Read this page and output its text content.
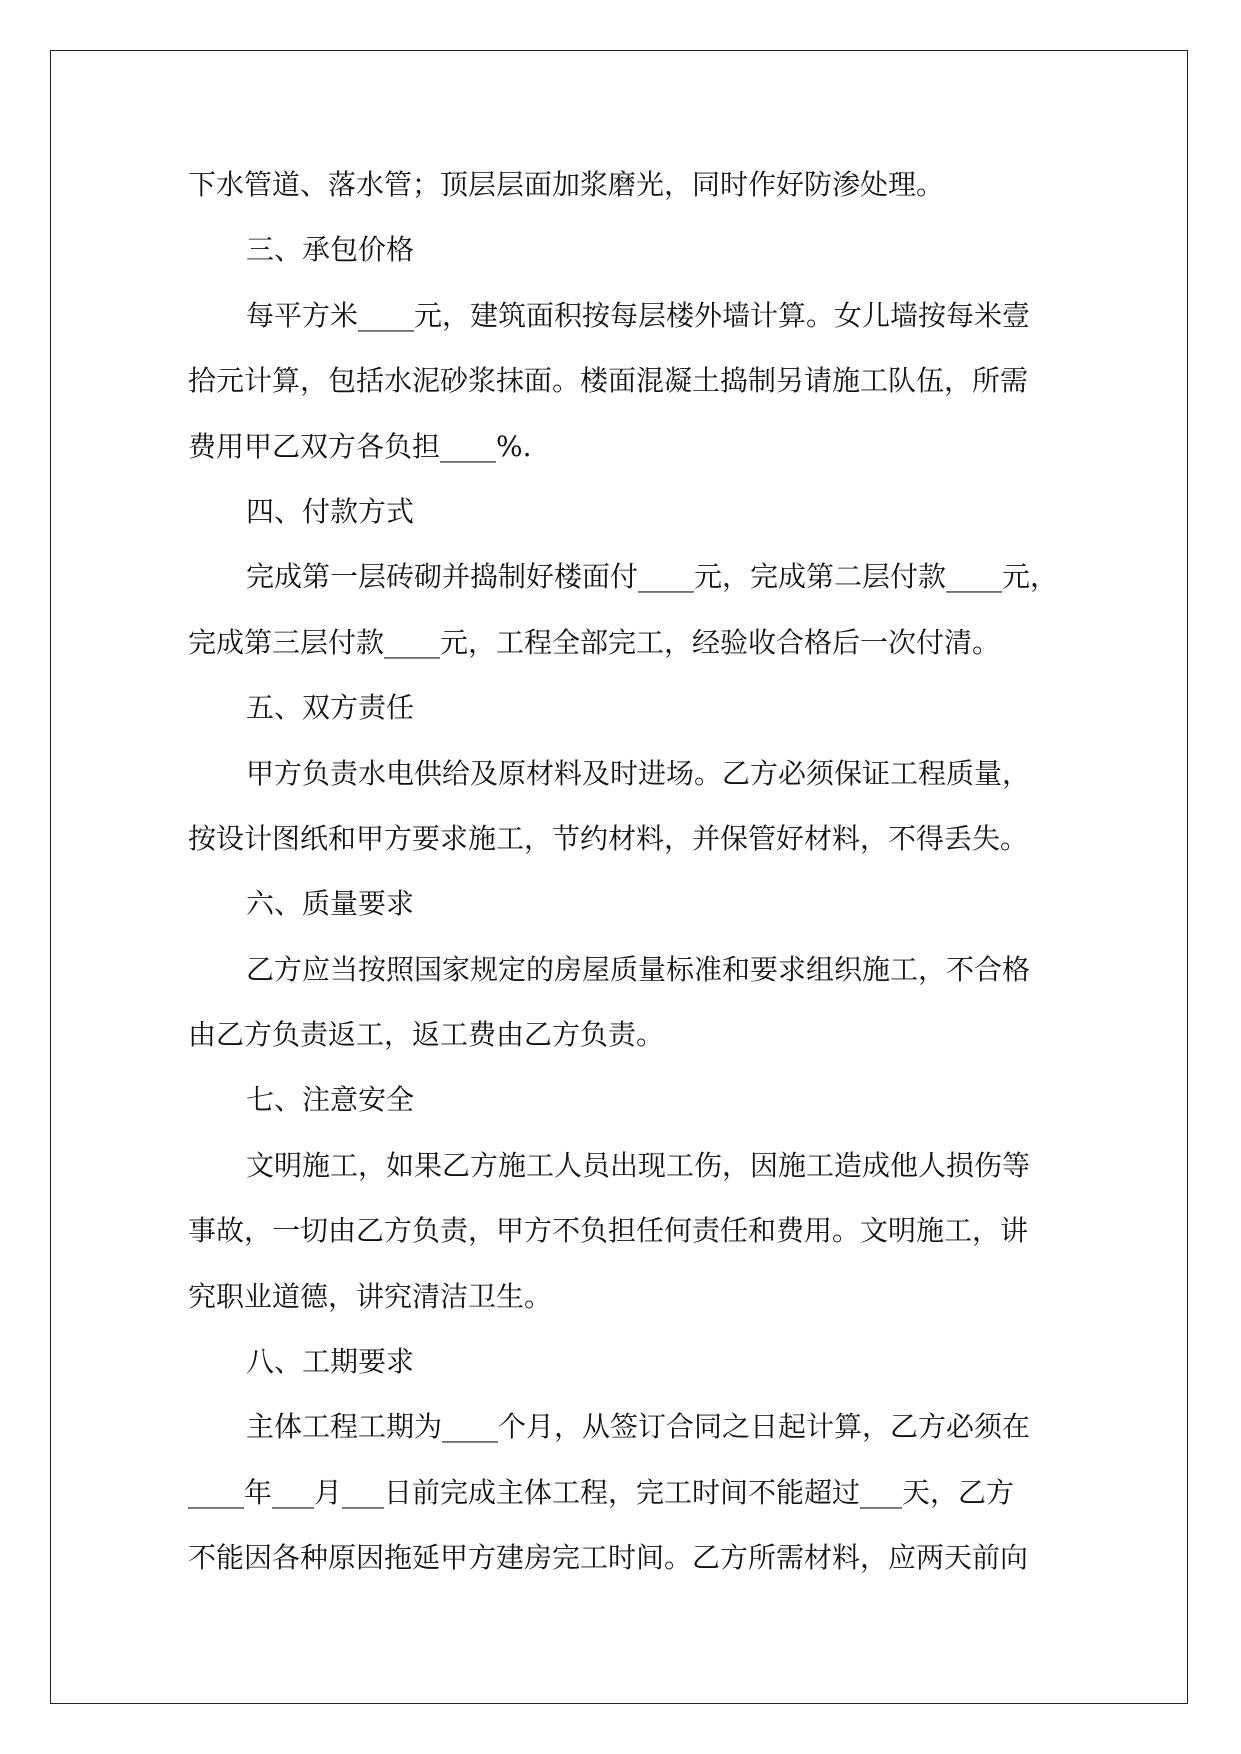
下水管道、落水管；顶层层面加浆磨光，同时作好防渗处理。
三、承包价格
每平方米____元，建筑面积按每层楼外墙计算。女儿墙按每米壹
拾元计算，包括水泥砂浆抹面。楼面混凝土捣制另请施工队伍，所需
费用甲乙双方各负担____%.
四、付款方式
完成第一层砖砌并捣制好楼面付____元，完成第二层付款____元，
完成第三层付款____元，工程全部完工，经验收合格后一次付清。
五、双方责任
甲方负责水电供给及原材料及时进场。乙方必须保证工程质量，
按设计图纸和甲方要求施工，节约材料，并保管好材料，不得丢失。
六、质量要求
乙方应当按照国家规定的房屋质量标准和要求组织施工，不合格
由乙方负责返工，返工费由乙方负责。
七、注意安全
文明施工，如果乙方施工人员出现工伤，因施工造成他人损伤等
事故，一切由乙方负责，甲方不负担任何责任和费用。文明施工，讲
究职业道德，讲究清洁卫生。
八、工期要求
主体工程工期为____个月，从签订合同之日起计算，乙方必须在
____年___月___日前完成主体工程，完工时间不能超过___天，乙方
不能因各种原因拖延甲方建房完工时间。乙方所需材料，应两天前向
